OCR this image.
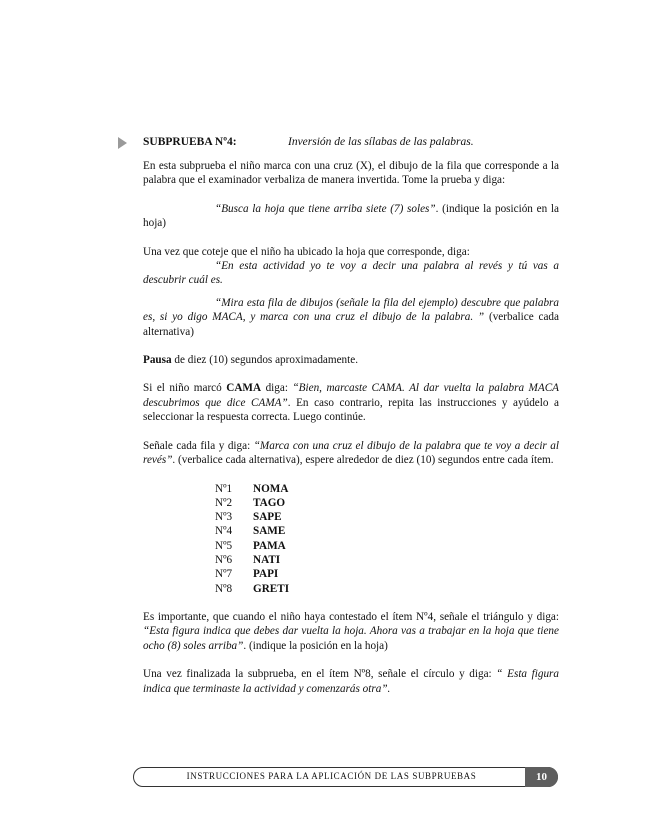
SUBPRUEBA Nº4:	Inversión de las sílabas de las palabras.

En esta subprueba el niño marca con una cruz (X), el dibujo de la fila que corresponde a la palabra que el examinador verbaliza de manera invertida. Tome la prueba y diga:

“Busca la hoja que tiene arriba siete (7) soles”. (indique la posición en la hoja)

Una vez que coteje que el niño ha ubicado la hoja que corresponde, diga:

“En esta actividad yo te voy a decir una palabra al revés y tú vas a descubrir cuál es.

“Mira esta fila de dibujos (señale la fila del ejemplo) descubre que palabra es, si yo digo MACA, y marca con una cruz el dibujo de la palabra. ” (verbalice cada alternativa)

Pausa de diez (10) segundos aproximadamente.

Si el niño marcó CAMA diga: “Bien, marcaste CAMA. Al dar vuelta la palabra MACA descubrimos que dice CAMA”. En caso contrario, repita las instrucciones y ayúdelo a seleccionar la respuesta correcta. Luego continúe.

Señale cada fila y diga: “Marca con una cruz el dibujo de la palabra que te voy a decir al revés”. (verbalice cada alternativa), espere alrededor de diez (10) segundos entre cada ítem.

Nº1	NOMA
Nº2	TAGO
Nº3	SAPE
Nº4	SAME
Nº5	PAMA
Nº6	NATI
Nº7	PAPI
Nº8	GRETI

Es importante, que cuando el niño haya contestado el ítem Nº4, señale el triángulo y diga: “Esta figura indica que debes dar vuelta la hoja. Ahora vas a trabajar en la hoja que tiene ocho (8) soles arriba”. (indique la posición en la hoja)

Una vez finalizada la subprueba, en el ítem Nº8, señale el círculo y diga: “ Esta figura indica que terminaste la actividad y comenzarás otra”.

INSTRUCCIONES PARA LA APLICACIÓN DE LAS SUBPRUEBAS	10
